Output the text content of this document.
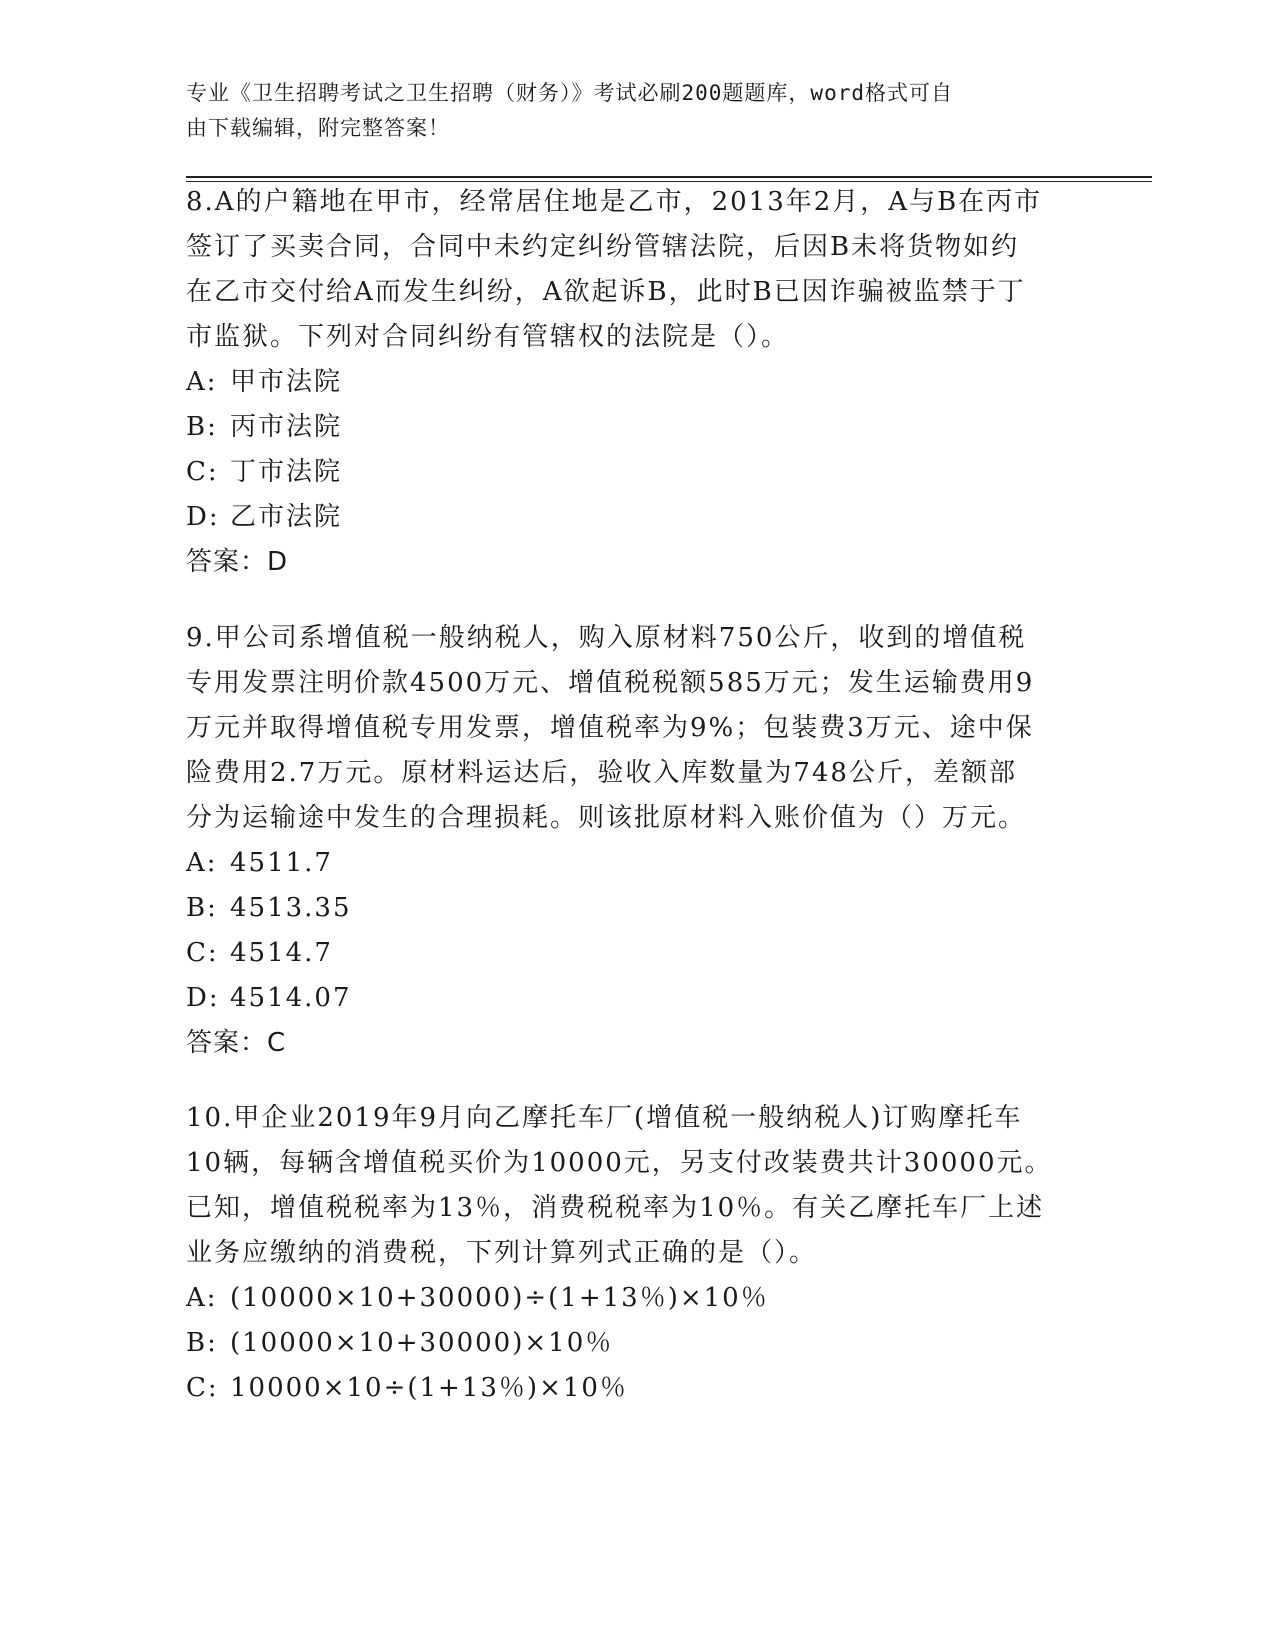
专业《卫生招聘考试之卫生招聘（财务）》考试必刷200题题库，word格式可自
由下载编辑，附完整答案！

8.A的户籍地在甲市，经常居住地是乙市，2013年2月，A与B在丙市

签订了买卖合同，合同中未约定纠纷管辖法院，后因B未将货物如约

在乙市交付给A而发生纠纷，A欲起诉B，此时B已因诈骗被监禁于丁

市监狱。下列对合同纠纷有管辖权的法院是（）。

A: 甲市法院

B: 丙市法院

C: 丁市法院

D: 乙市法院

答案：D

9.甲公司系增值税一般纳税人，购入原材料750公斤，收到的增值税

专用发票注明价款4500万元、增值税税额585万元；发生运输费用9

万元并取得增值税专用发票，增值税率为9%；包装费3万元、途中保

险费用2.7万元。原材料运达后，验收入库数量为748公斤，差额部

分为运输途中发生的合理损耗。则该批原材料入账价值为（）万元。

A: 4511.7

B: 4513.35

C: 4514.7

D: 4514.07

答案：C

10.甲企业2019年9月向乙摩托车厂(增值税一般纳税人)订购摩托车

10辆，每辆含增值税买价为10000元，另支付改装费共计30000元。

已知，增值税税率为13％，消费税税率为10％。有关乙摩托车厂上述

业务应缴纳的消费税，下列计算列式正确的是（）。

A: (10000×10+30000)÷(1+13％)×10％

B: (10000×10+30000)×10％

C: 10000×10÷(1+13％)×10％
